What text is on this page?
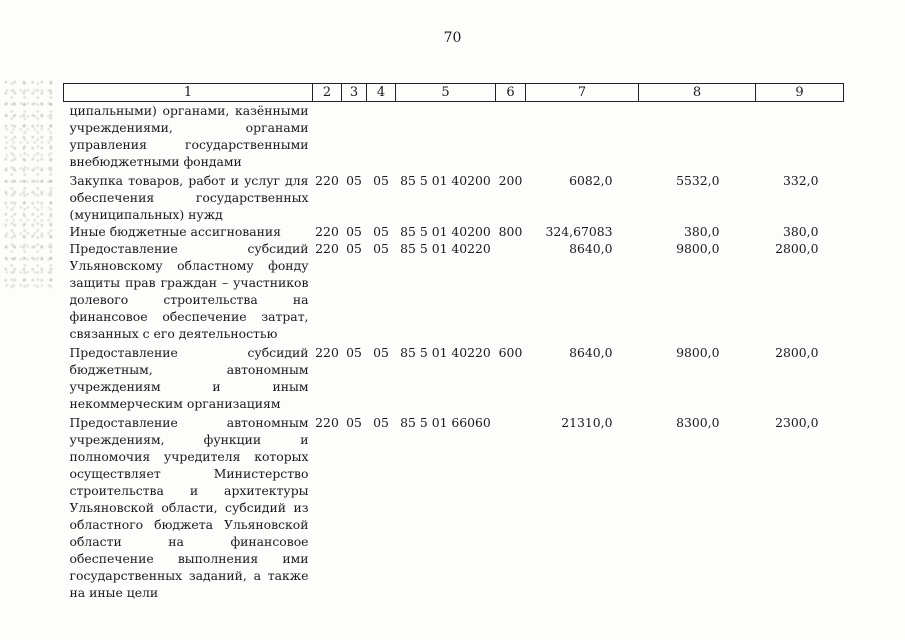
70
1	2	3	4	5	6	7	8	9
ципальными) органами, казёнными учреждениями, органами управления государственными внебюджетными фондами								
Закупка товаров, работ и услуг для обеспечения государственных (муниципальных) нужд	220	05	05	85 5 01 40200	200	6082,0	5532,0	332,0
Иные бюджетные ассигнования	220	05	05	85 5 01 40200	800	324,67083	380,0	380,0
Предоставление субсидий Ульяновскому областному фонду защиты прав граждан – участников долевого строительства на финансовое обеспечение затрат, связанных с его деятельностью	220	05	05	85 5 01 40220		8640,0	9800,0	2800,0
Предоставление субсидий бюджетным, автономным учреждениям и иным некоммерческим организациям	220	05	05	85 5 01 40220	600	8640,0	9800,0	2800,0
Предоставление автономным учреждениям, функции и полномочия учредителя которых осуществляет Министерство строительства и архитектуры Ульяновской области, субсидий из областного бюджета Ульяновской области на финансовое обеспечение выполнения ими государственных заданий, а также на иные цели	220	05	05	85 5 01 66060		21310,0	8300,0	2300,0
